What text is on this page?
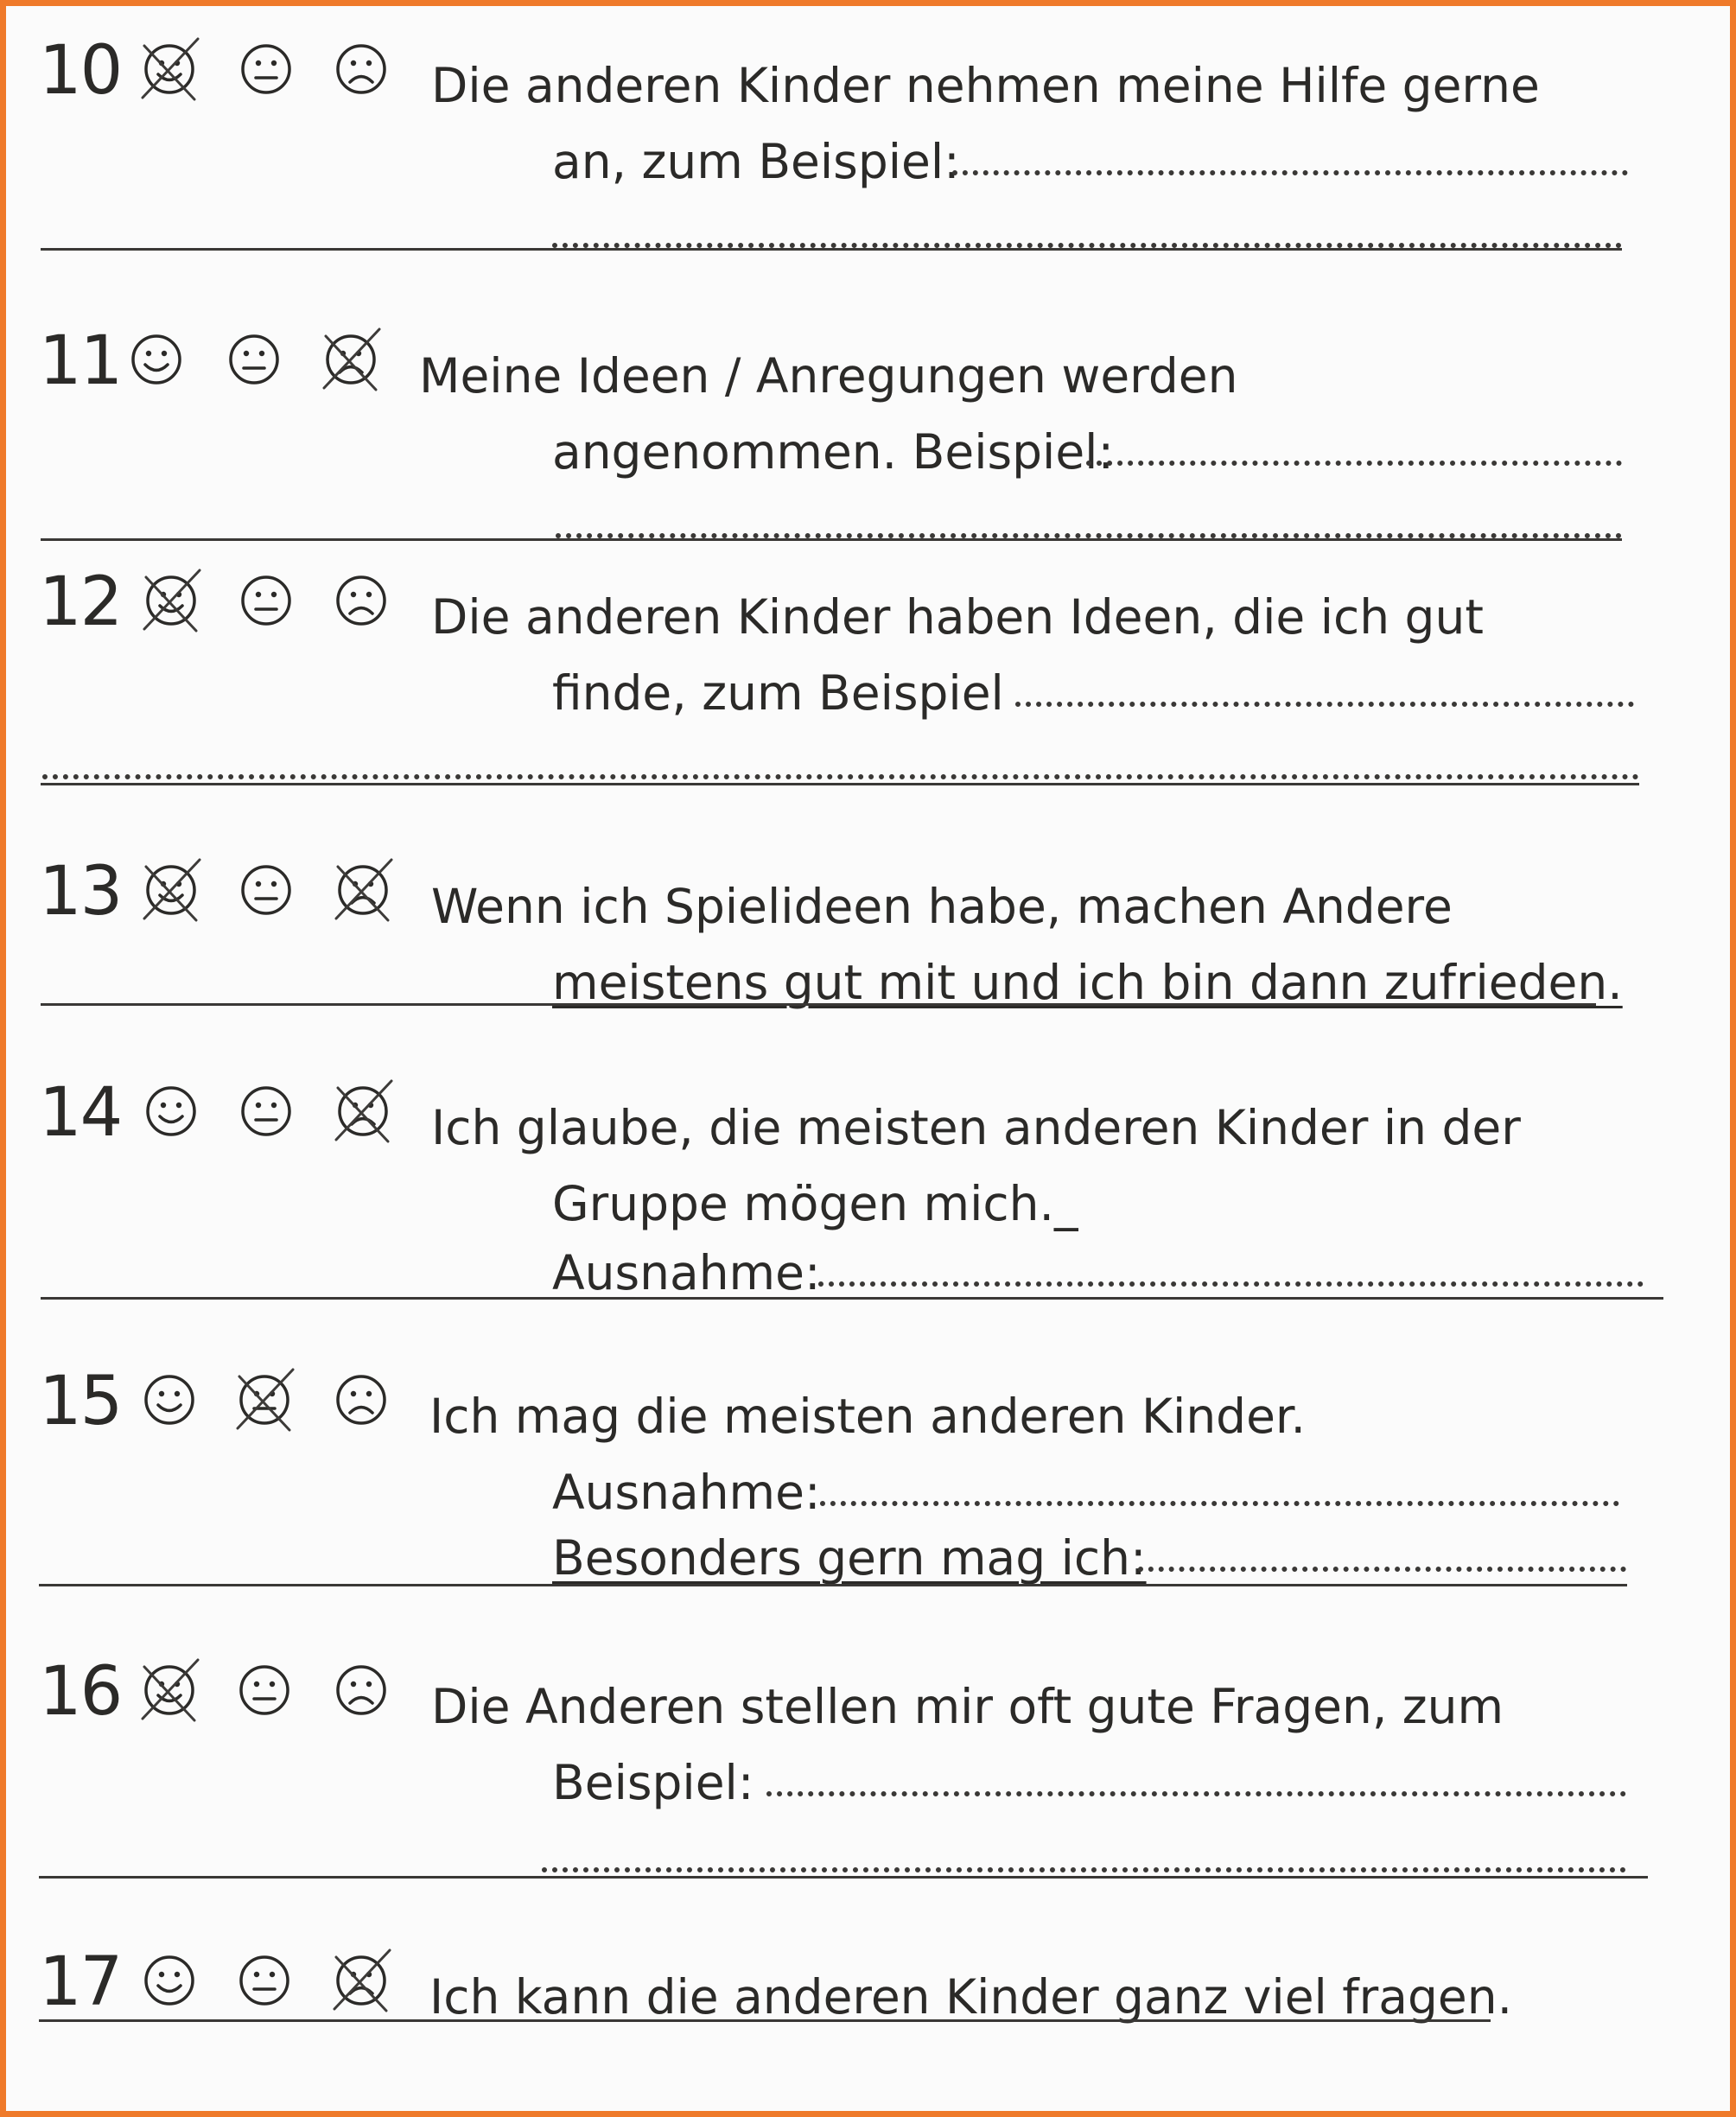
10	Die anderen Kinder nehmen meine Hilfe gerne
an, zum Beispiel:
11	Meine Ideen / Anregungen werden
angenommen. Beispiel:
12	Die anderen Kinder haben Ideen, die ich gut
finde, zum Beispiel
13	Wenn ich Spielideen habe, machen Andere
meistens gut mit und ich bin dann zufrieden.
14	Ich glaube, die meisten anderen Kinder in der
Gruppe mögen mich._
Ausnahme:
15	Ich mag die meisten anderen Kinder.
Ausnahme:
Besonders gern mag ich:
16	Die Anderen stellen mir oft gute Fragen, zum
Beispiel:
17	Ich kann die anderen Kinder ganz viel fragen.
